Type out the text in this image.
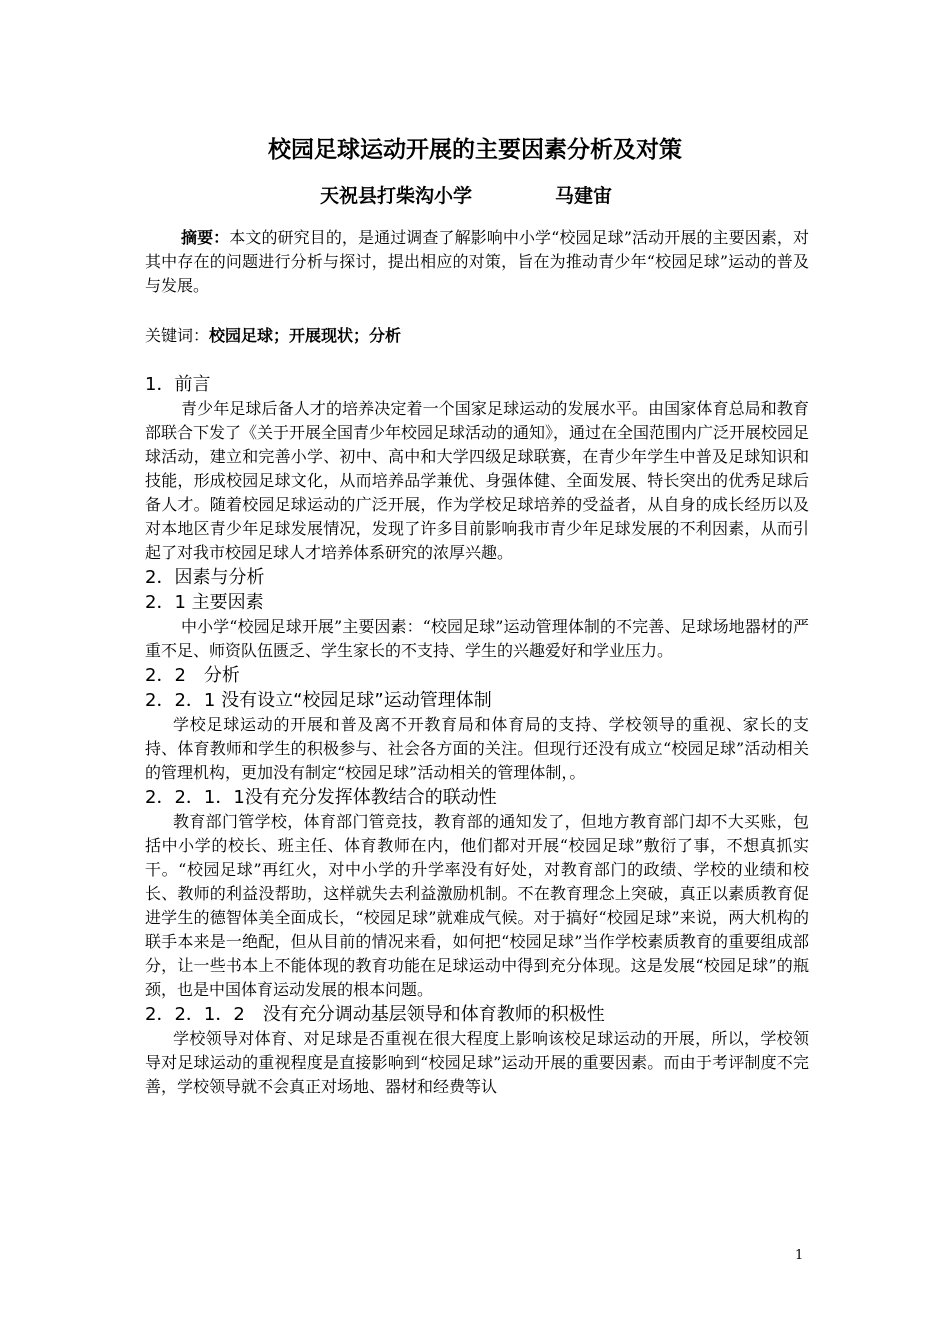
校园足球运动开展的主要因素分析及对策
天祝县打柴沟小学	马建宙

摘要：本文的研究目的，是通过调查了解影响中小学“校园足球”活动开展的主要因素，对其中存在的问题进行分析与探讨，提出相应的对策，旨在为推动青少年“校园足球”运动的普及与发展。

关键词：校园足球；开展现状；分析

1．前言

青少年足球后备人才的培养决定着一个国家足球运动的发展水平。由国家体育总局和教育部联合下发了《关于开展全国青少年校园足球活动的通知》，通过在全国范围内广泛开展校园足球活动，建立和完善小学、初中、高中和大学四级足球联赛，在青少年学生中普及足球知识和技能，形成校园足球文化，从而培养品学兼优、身强体健、全面发展、特长突出的优秀足球后备人才。随着校园足球运动的广泛开展，作为学校足球培养的受益者，从自身的成长经历以及对本地区青少年足球发展情况，发现了许多目前影响我市青少年足球发展的不利因素，从而引起了对我市校园足球人才培养体系研究的浓厚兴趣。

2．因素与分析

2．1 主要因素

中小学“校园足球开展”主要因素：“校园足球”运动管理体制的不完善、足球场地器材的严重不足、师资队伍匮乏、学生家长的不支持、学生的兴趣爱好和学业压力。

2．2　分析

2．2．1 没有设立“校园足球”运动管理体制

学校足球运动的开展和普及离不开教育局和体育局的支持、学校领导的重视、家长的支持、体育教师和学生的积极参与、社会各方面的关注。但现行还没有成立“校园足球”活动相关的管理机构，更加没有制定“校园足球”活动相关的管理体制，。

2．2．1．1没有充分发挥体教结合的联动性

教育部门管学校，体育部门管竞技，教育部的通知发了，但地方教育部门却不大买账，包括中小学的校长、班主任、体育教师在内，他们都对开展“校园足球”敷衍了事，不想真抓实干。“校园足球”再红火，对中小学的升学率没有好处，对教育部门的政绩、学校的业绩和校长、教师的利益没帮助，这样就失去利益激励机制。不在教育理念上突破，真正以素质教育促进学生的德智体美全面成长，“校园足球”就难成气候。对于搞好“校园足球”来说，两大机构的联手本来是一绝配，但从目前的情况来看，如何把“校园足球”当作学校素质教育的重要组成部分，让一些书本上不能体现的教育功能在足球运动中得到充分体现。这是发展“校园足球”的瓶颈，也是中国体育运动发展的根本问题。

2．2．1．2　没有充分调动基层领导和体育教师的积极性

学校领导对体育、对足球是否重视在很大程度上影响该校足球运动的开展，所以，学校领导对足球运动的重视程度是直接影响到“校园足球”运动开展的重要因素。而由于考评制度不完善，学校领导就不会真正对场地、器材和经费等认

1
